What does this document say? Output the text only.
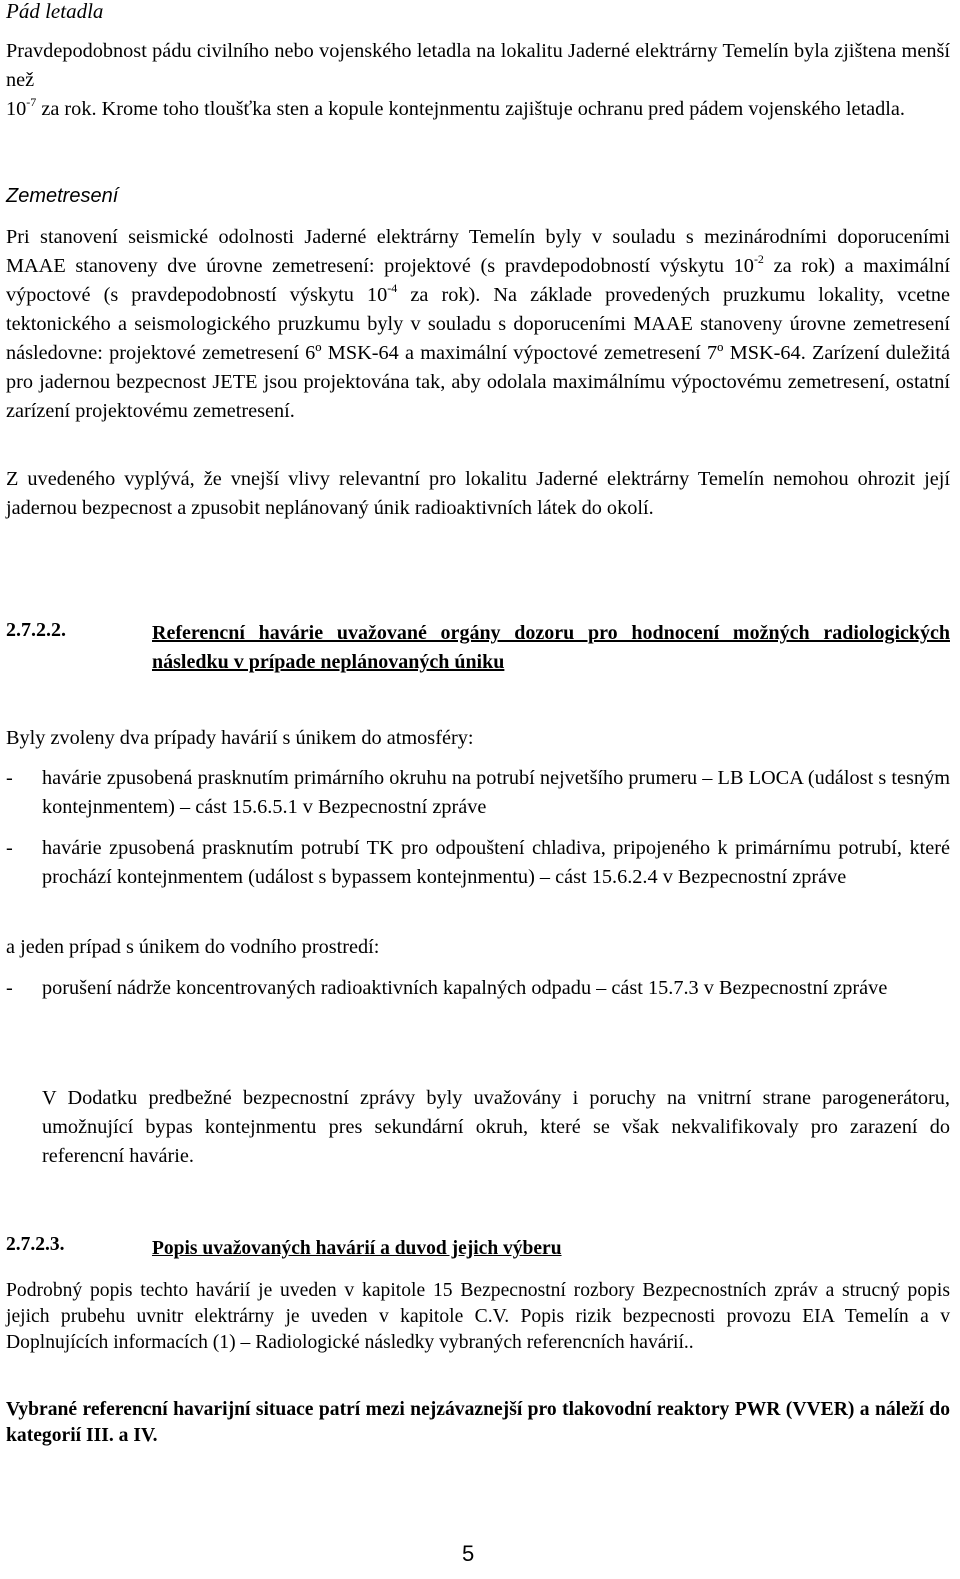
Pád letadla
Pravdepodobnost pádu civilního nebo vojenského letadla na lokalitu Jaderné elektrárny Temelín byla zjištena menší než
$10^{-7}$ za rok. Krome toho tloušťka sten a kopule kontejnmentu zajištuje ochranu pred pádem vojenského letadla.
Zemetresení
Pri stanovení seismické odolnosti Jaderné elektrárny Temelín byly v souladu s mezinárodními doporuceními MAAE stanoveny dve úrovne zemetresení: projektové (s pravdepodobností výskytu $10^{-2}$ za rok) a maximální výpoctové (s pravdepodobností výskytu $10^{-4}$ za rok). Na základe provedených pruzkumu lokality, vcetne tektonického a seismologického pruzkumu byly v souladu s doporuceními MAAE stanoveny úrovne zemetresení následovne: projektové zemetresení 6º MSK-64 a maximální výpoctové zemetresení 7º MSK-64. Zarízení duležitá pro jadernou bezpecnost JETE jsou projektována tak, aby odolala maximálnímu výpoctovému zemetresení, ostatní zarízení projektovému zemetresení.
Z uvedeného vyplývá, že vnejší vlivy relevantní pro lokalitu Jaderné elektrárny Temelín nemohou ohrozit její jadernou bezpecnost a zpusobit neplánovaný únik radioaktivních látek do okolí.
2.7.2.2.	Referencní havárie uvažované orgány dozoru pro hodnocení možných radiologických následku v prípade neplánovaných úniku
Byly zvoleny dva prípady havárií s únikem do atmosféry:
- havárie zpusobená prasknutím primárního okruhu na potrubí nejvetšího prumeru – LB LOCA (událost s tesným kontejnmentem) – cást 15.6.5.1 v Bezpecnostní zpráve
- havárie zpusobená prasknutím potrubí TK pro odpouštení chladiva, pripojeného k primárnímu potrubí, které prochází kontejnmentem (událost s bypassem kontejnmentu) – cást 15.6.2.4 v Bezpecnostní zpráve
a jeden prípad s únikem do vodního prostredí:
- porušení nádrže koncentrovaných radioaktivních kapalných odpadu – cást 15.7.3 v Bezpecnostní zpráve
V Dodatku predbežné bezpecnostní zprávy byly uvažovány i poruchy na vnitrní strane parogenerátoru, umožnující bypas kontejnmentu pres sekundární okruh, které se však nekvalifikovaly pro zarazení do referencní havárie.
2.7.2.3.	Popis uvažovaných havárií a duvod jejich výberu
Podrobný popis techto havárií je uveden v kapitole 15 Bezpecnostní rozbory Bezpecnostních zpráv a strucný popis jejich prubehu uvnitr elektrárny je uveden v kapitole C.V. Popis rizik bezpecnosti provozu EIA Temelín a v Doplnujících informacích (1) – Radiologické následky vybraných referencních havárií..
Vybrané referencní havarijní situace patrí mezi nejzávaznejší pro tlakovodní reaktory PWR (VVER) a náleží do kategorií III. a IV.
5
